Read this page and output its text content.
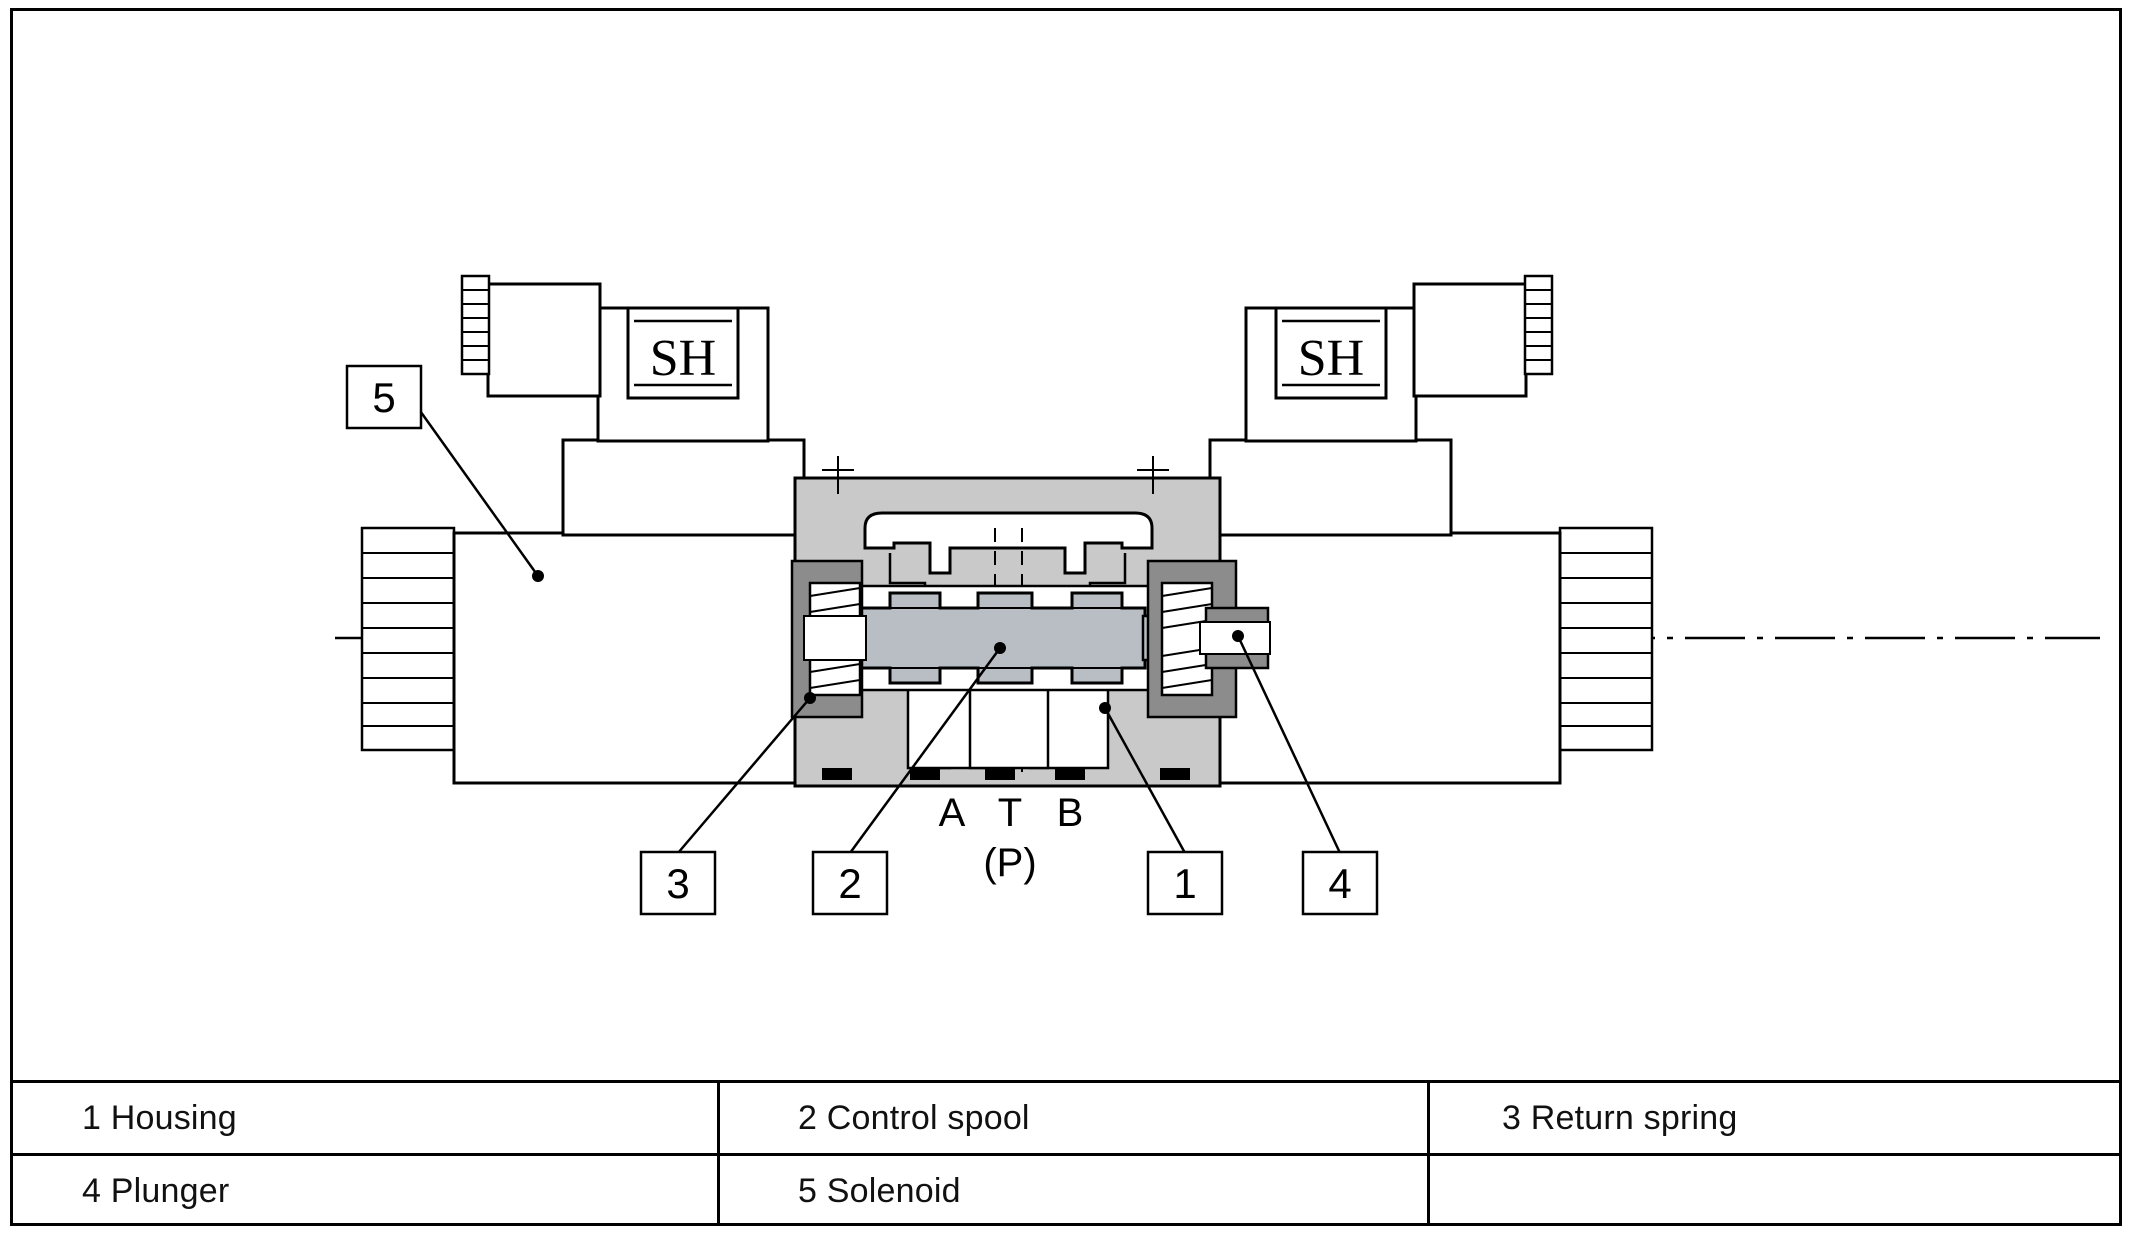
SH	SH
5
3	2	1	4
A T B
(P)
1 Housing	2 Control spool	3 Return spring
4 Plunger	5 Solenoid
